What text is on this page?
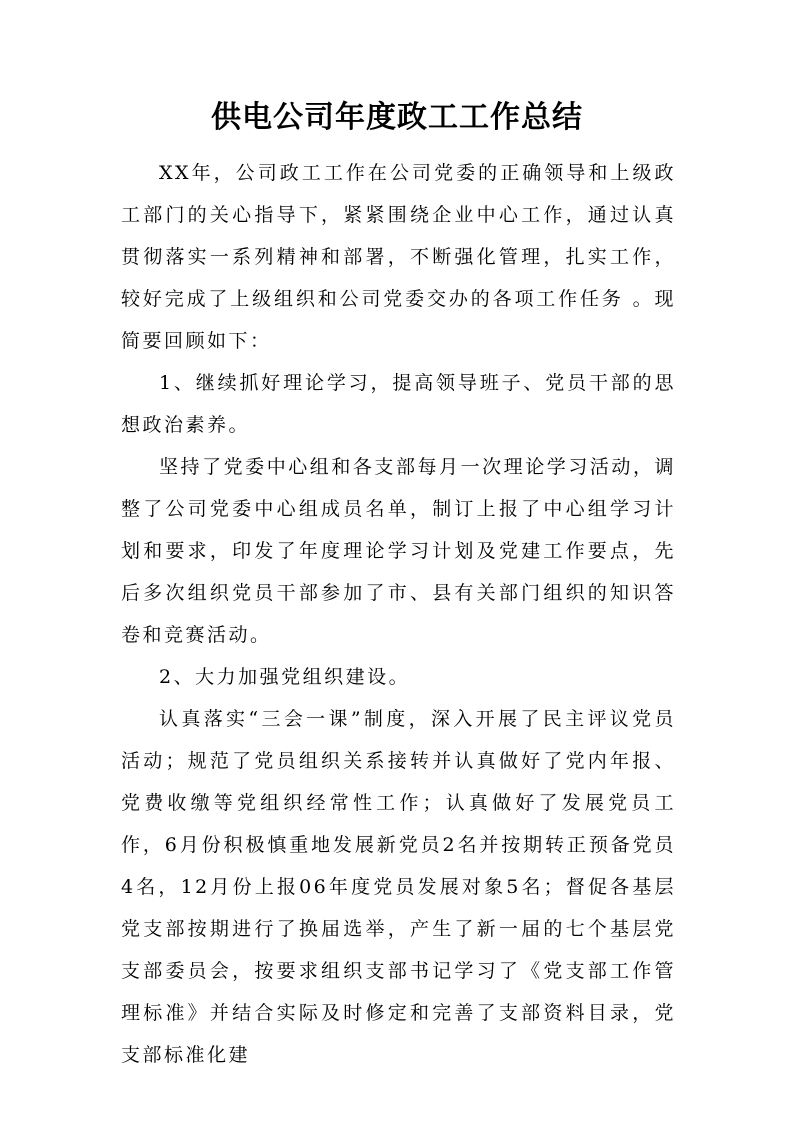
供电公司年度政工工作总结

XX年，公司政工工作在公司党委的正确领导和上级政工部门的关心指导下，紧紧围绕企业中心工作，通过认真贯彻落实一系列精神和部署，不断强化管理，扎实工作，较好完成了上级组织和公司党委交办的各项工作任务 。现简要回顾如下：

1、继续抓好理论学习，提高领导班子、党员干部的思想政治素养。

坚持了党委中心组和各支部每月一次理论学习活动，调整了公司党委中心组成员名单，制订上报了中心组学习计划和要求，印发了年度理论学习计划及党建工作要点，先后多次组织党员干部参加了市、县有关部门组织的知识答卷和竞赛活动。

2、大力加强党组织建设。

认真落实“三会一课”制度，深入开展了民主评议党员活动；规范了党员组织关系接转并认真做好了党内年报、党费收缴等党组织经常性工作；认真做好了发展党员工作，6月份积极慎重地发展新党员2名并按期转正预备党员4名，12月份上报06年度党员发展对象5名；督促各基层党支部按期进行了换届选举，产生了新一届的七个基层党支部委员会，按要求组织支部书记学习了《党支部工作管理标准》并结合实际及时修定和完善了支部资料目录，党支部标准化建
